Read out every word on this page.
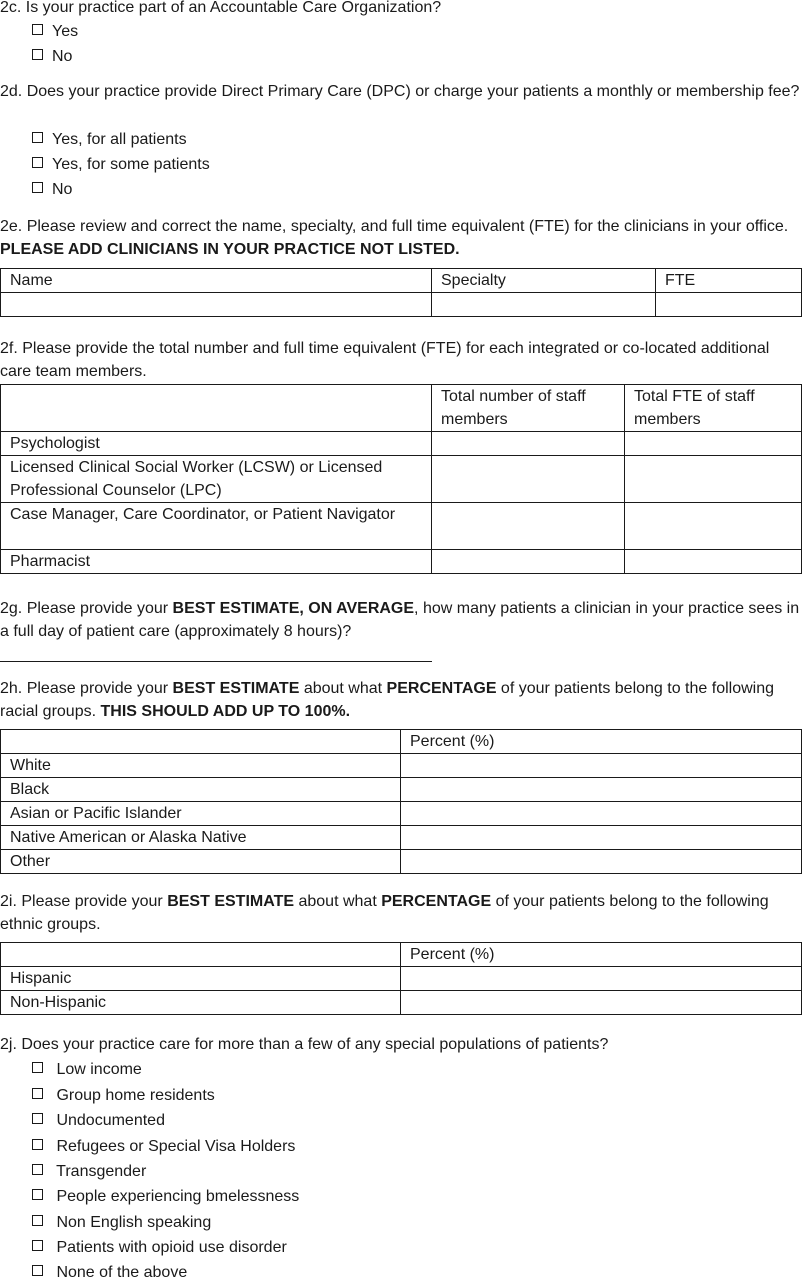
2c. Is your practice part of an Accountable Care Organization?

Yes
No

2d. Does your practice provide Direct Primary Care (DPC) or charge your patients a monthly or membership fee?

Yes, for all patients
Yes, for some patients
No

2e. Please review and correct the name, specialty, and full time equivalent (FTE) for the clinicians in your office. PLEASE ADD CLINICIANS IN YOUR PRACTICE NOT LISTED.

Name	Specialty	FTE

2f. Please provide the total number and full time equivalent (FTE) for each integrated or co-located additional care team members.

	Total number of staff members	Total FTE of staff members
Psychologist		
Licensed Clinical Social Worker (LCSW) or Licensed Professional Counselor (LPC)		
Case Manager, Care Coordinator, or Patient Navigator		
Pharmacist		

2g. Please provide your BEST ESTIMATE, ON AVERAGE, how many patients a clinician in your practice sees in a full day of patient care (approximately 8 hours)?

2h. Please provide your BEST ESTIMATE about what PERCENTAGE of your patients belong to the following racial groups. THIS SHOULD ADD UP TO 100%.

	Percent (%)
White	
Black	
Asian or Pacific Islander	
Native American or Alaska Native	
Other	

2i. Please provide your BEST ESTIMATE about what PERCENTAGE of your patients belong to the following ethnic groups.

	Percent (%)
Hispanic	
Non-Hispanic	

2j. Does your practice care for more than a few of any special populations of patients?

Low income
Group home residents
Undocumented
Refugees or Special Visa Holders
Transgender
People experiencing bmelessness
Non English speaking
Patients with opioid use disorder
None of the above
